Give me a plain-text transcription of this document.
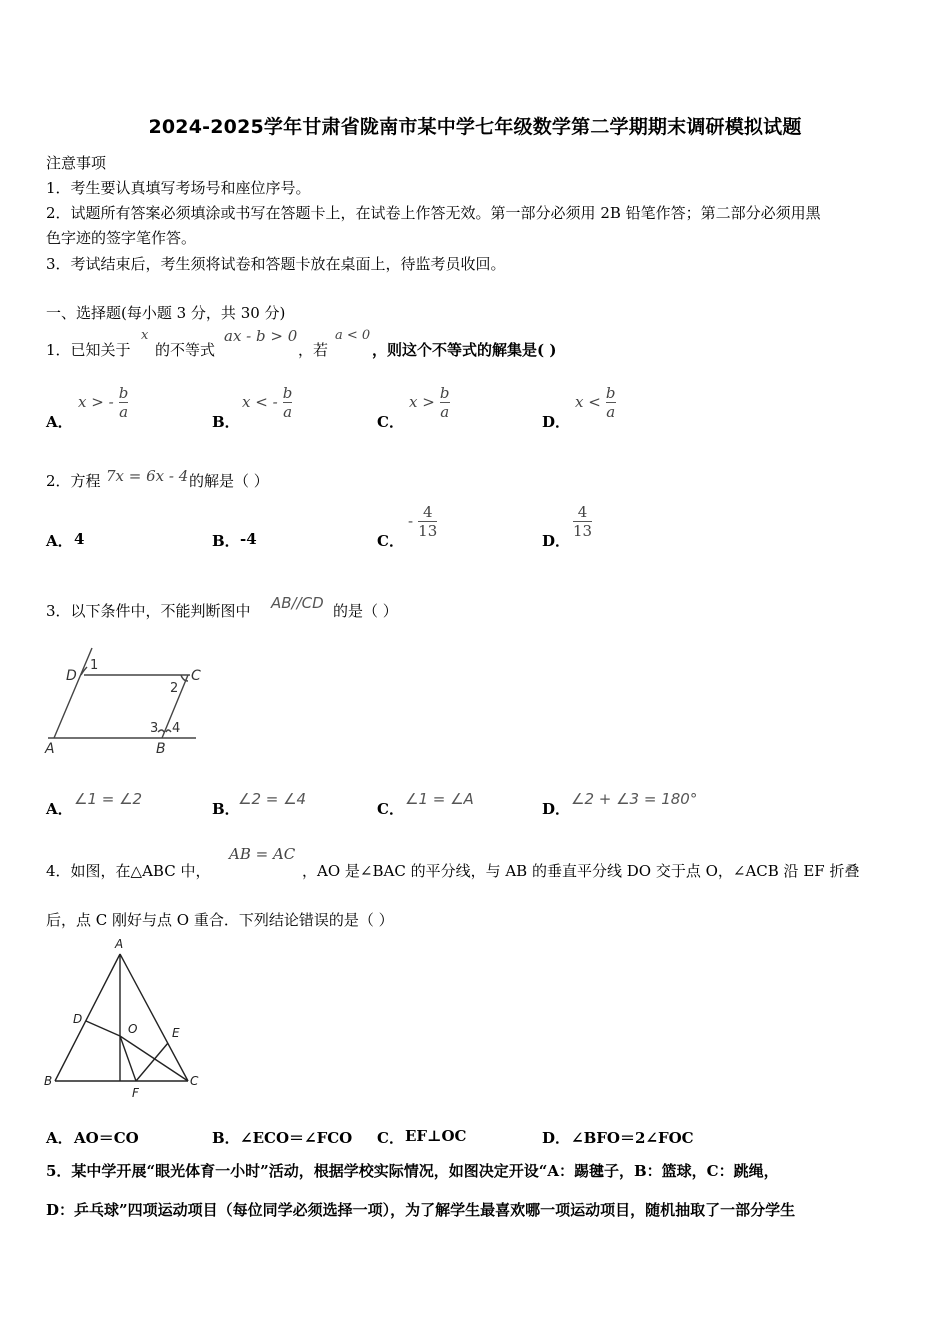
2024-2025学年甘肃省陇南市某中学七年级数学第二学期期末调研模拟试题
注意事项
1．考生要认真填写考场号和座位序号。
2．试题所有答案必须填涂或书写在答题卡上，在试卷上作答无效。第一部分必须用 2B 铅笔作答；第二部分必须用黑
色字迹的签字笔作答。
3．考试结束后，考生须将试卷和答题卡放在桌面上，待监考员收回。
一、选择题(每小题 3 分，共 30 分)
1．已知关于
x
的不等式
ax - b > 0
，若
a < 0
，则这个不等式的解集是( )
A．
x > - $\frac{b}{a}$
B．
x < - $\frac{b}{a}$
C．
$x > \frac{b}{a}$
D．
$x < \frac{b}{a}$
2．方程 7x = 6x - 4 的解是（ ）
A． 4	B． -4	C．
- $\frac{4}{13}$
D．
$\frac{4}{13}$
3．以下条件中，不能判断图中 AB//CD 的是（ ）
D	C
A	B
1
2
3 4
A．
∠1 = ∠2
B．
∠2 = ∠4
C．
∠1 = ∠A
D．
∠2 + ∠3 = 180°
4．如图，在△ABC 中，
AB = AC
，AO 是∠BAC 的平分线，与 AB 的垂直平分线 DO 交于点 O，∠ACB 沿 EF 折叠
后，点 C 刚好与点 O 重合．下列结论错误的是（ ）
A
D
O	E
B
F
C
A． AO＝CO	B． ∠ECO＝∠FCO C． EF⊥OC	D． ∠BFO＝2∠FOC
5．某中学开展“眼光体育一小时”活动，根据学校实际情况，如图决定开设“A：踢毽子，B：篮球，C：跳绳，
D：乒乓球”四项运动项目（每位同学必须选择一项），为了解学生最喜欢哪一项运动项目，随机抽取了一部分学生
